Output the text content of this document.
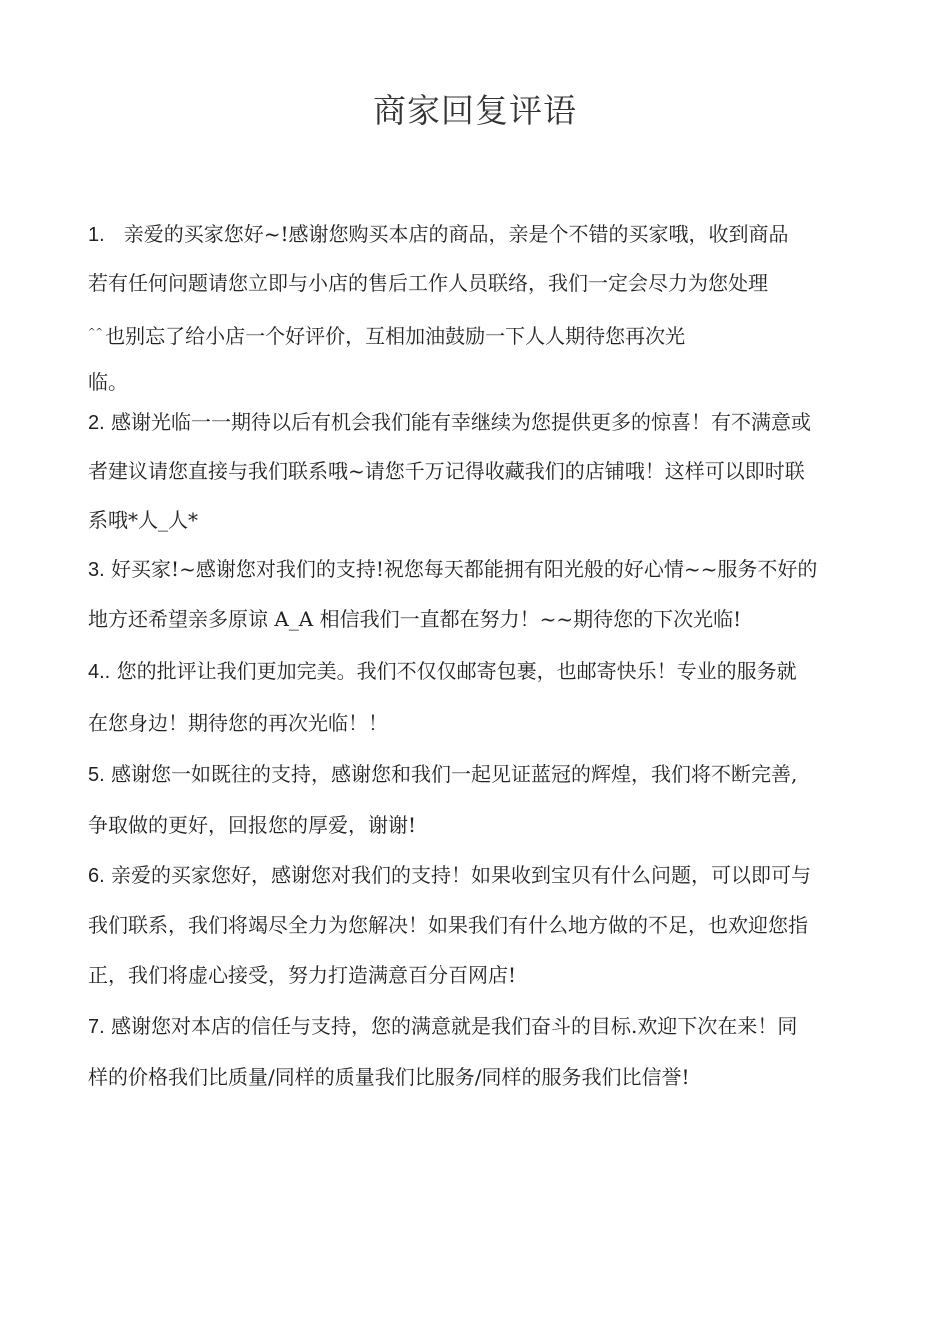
商家回复评语
1. 亲爱的买家您好~!感谢您购买本店的商品，亲是个不错的买家哦，收到商品
若有任何问题请您立即与小店的售后工作人员联络，我们一定会尽力为您处理
^^ 也别忘了给小店一个好评价，互相加油鼓励一下人人期待您再次光
临。
2. 感谢光临一一期待以后有机会我们能有幸继续为您提供更多的惊喜！有不满意或
者建议请您直接与我们联系哦~请您千万记得收藏我们的店铺哦！这样可以即时联
系哦*人_人*
3. 好买家!~感谢您对我们的支持!祝您每天都能拥有阳光般的好心情~~服务不好的
地方还希望亲多原谅 A_A 相信我们一直都在努力！~~期待您的下次光临!
4.. 您的批评让我们更加完美。我们不仅仅邮寄包裹，也邮寄快乐！专业的服务就
在您身边！期待您的再次光临！！
5. 感谢您一如既往的支持，感谢您和我们一起见证蓝冠的辉煌，我们将不断完善,
争取做的更好，回报您的厚爱，谢谢!
6. 亲爱的买家您好，感谢您对我们的支持！如果收到宝贝有什么问题，可以即可与
我们联系，我们将竭尽全力为您解决！如果我们有什么地方做的不足，也欢迎您指
正，我们将虚心接受，努力打造满意百分百网店!
7. 感谢您对本店的信任与支持，您的满意就是我们奋斗的目标.欢迎下次在来！同
样的价格我们比质量/同样的质量我们比服务/同样的服务我们比信誉!
